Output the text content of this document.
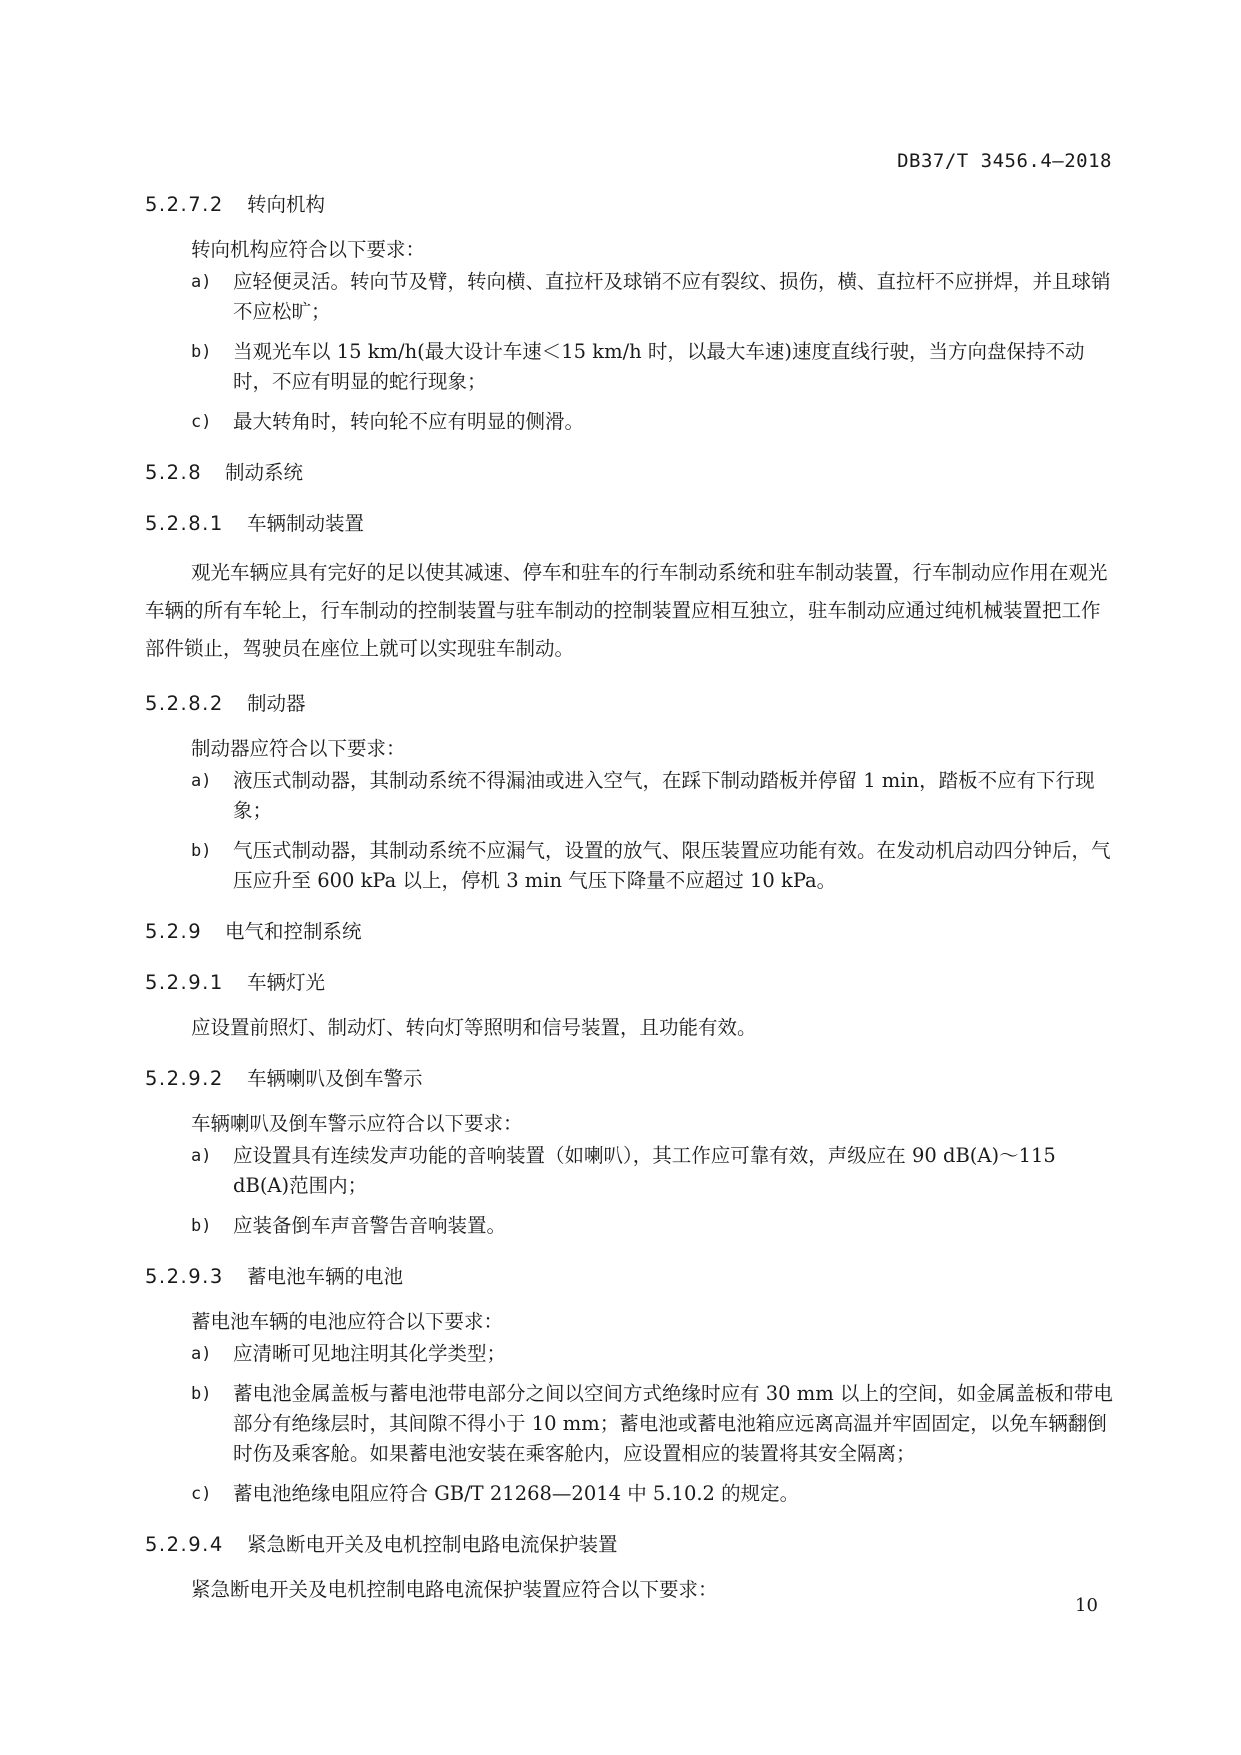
DB37/T 3456.4—2018

5.2.7.2	转向机构

转向机构应符合以下要求：

a)	应轻便灵活。转向节及臂，转向横、直拉杆及球销不应有裂纹、损伤，横、直拉杆不应拼焊，并且球销不应松旷；
b)	当观光车以 15 km/h(最大设计车速＜15 km/h 时，以最大车速)速度直线行驶，当方向盘保持不动时，不应有明显的蛇行现象；
c)	最大转角时，转向轮不应有明显的侧滑。
5.2.8	制动系统
5.2.8.1	车辆制动装置

观光车辆应具有完好的足以使其减速、停车和驻车的行车制动系统和驻车制动装置，行车制动应作用在观光车辆的所有车轮上，行车制动的控制装置与驻车制动的控制装置应相互独立，驻车制动应通过纯机械装置把工作部件锁止，驾驶员在座位上就可以实现驻车制动。

5.2.8.2	制动器

制动器应符合以下要求：

a)	液压式制动器，其制动系统不得漏油或进入空气，在踩下制动踏板并停留 1 min，踏板不应有下行现象；
b)	气压式制动器，其制动系统不应漏气，设置的放气、限压装置应功能有效。在发动机启动四分钟后，气压应升至 600 kPa 以上，停机 3 min 气压下降量不应超过 10 kPa。
5.2.9	电气和控制系统
5.2.9.1	车辆灯光

应设置前照灯、制动灯、转向灯等照明和信号装置，且功能有效。

5.2.9.2	车辆喇叭及倒车警示

车辆喇叭及倒车警示应符合以下要求：

a)	应设置具有连续发声功能的音响装置（如喇叭），其工作应可靠有效，声级应在 90 dB(A)～115 dB(A)范围内；
b)	应装备倒车声音警告音响装置。
5.2.9.3	蓄电池车辆的电池

蓄电池车辆的电池应符合以下要求：

a)	应清晰可见地注明其化学类型；
b)	蓄电池金属盖板与蓄电池带电部分之间以空间方式绝缘时应有 30 mm 以上的空间，如金属盖板和带电部分有绝缘层时，其间隙不得小于 10 mm；蓄电池或蓄电池箱应远离高温并牢固固定，以免车辆翻倒时伤及乘客舱。如果蓄电池安装在乘客舱内，应设置相应的装置将其安全隔离；
c)	蓄电池绝缘电阻应符合 GB/T 21268—2014 中 5.10.2 的规定。
5.2.9.4	紧急断电开关及电机控制电路电流保护装置

紧急断电开关及电机控制电路电流保护装置应符合以下要求：

10
